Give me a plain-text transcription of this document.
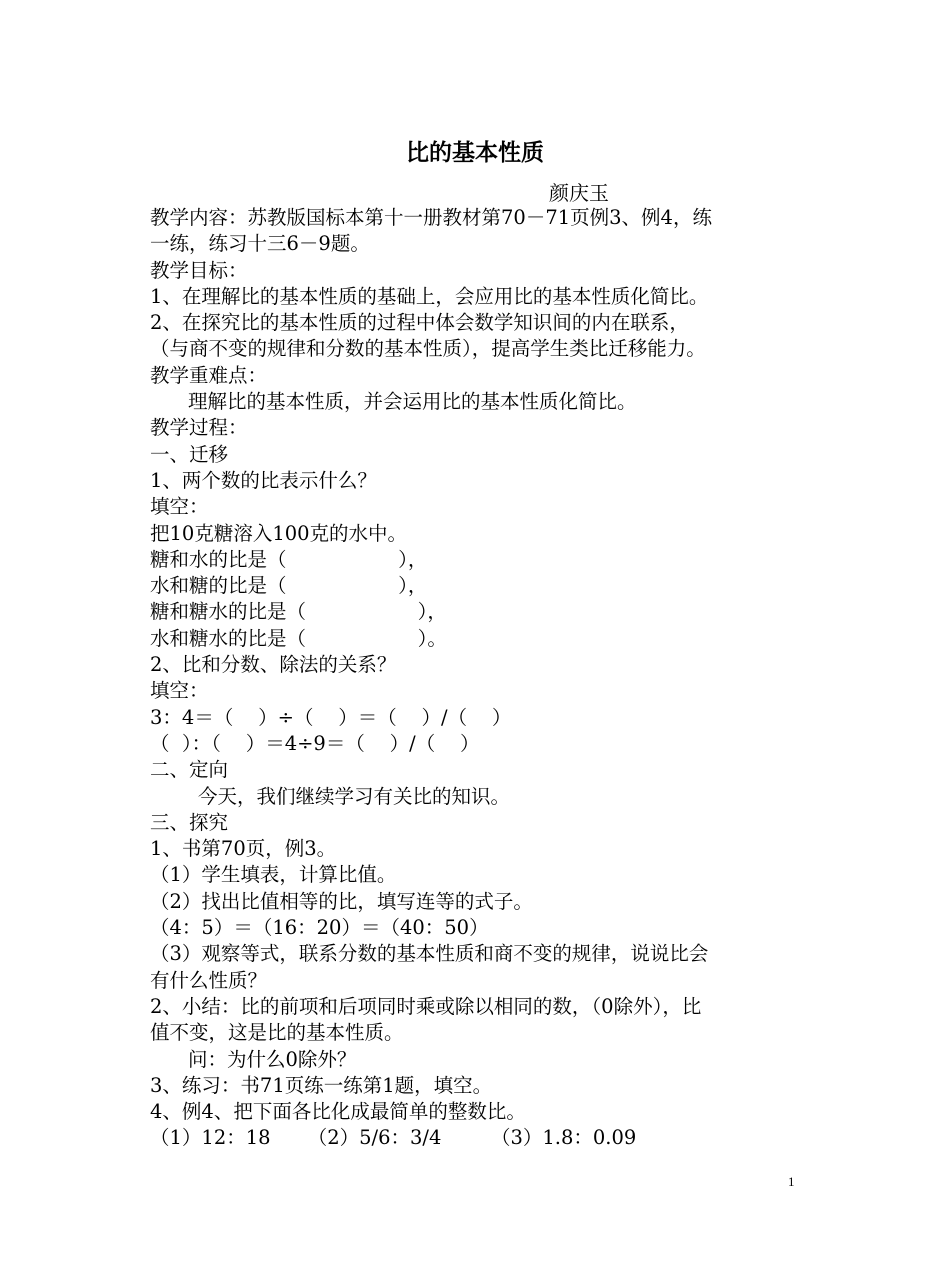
比的基本性质
颜庆玉
教学内容：苏教版国标本第十一册教材第70－71页例3、例4，练
一练，练习十三6－9题。
教学目标：
1、在理解比的基本性质的基础上，会应用比的基本性质化简比。
2、在探究比的基本性质的过程中体会数学知识间的内在联系，
（与商不变的规律和分数的基本性质），提高学生类比迁移能力。
教学重难点：
理解比的基本性质，并会运用比的基本性质化简比。
教学过程：
一、迁移
1、两个数的比表示什么？
填空：
把10克糖溶入100克的水中。
糖和水的比是（                  ），
水和糖的比是（                  ），
糖和糖水的比是（                  ），
水和糖水的比是（                  ）。
2、比和分数、除法的关系？
填空：
3：4＝（    ）÷（    ）＝（    ）/（    ）
（  ）：（    ）＝4÷9＝（    ）/（    ）
二、定向
今天，我们继续学习有关比的知识。
三、探究
1、书第70页，例3。
（1）学生填表，计算比值。
（2）找出比值相等的比，填写连等的式子。
（4：5）＝（16：20）＝（40：50）
（3）观察等式，联系分数的基本性质和商不变的规律，说说比会
有什么性质？
2、小结：比的前项和后项同时乘或除以相同的数，（0除外），比
值不变，这是比的基本性质。
问：为什么0除外？
3、练习：书71页练一练第1题，填空。
4、例4、把下面各比化成最简单的整数比。
（1）12：18      （2）5/6：3/4        （3）1.8：0.09
1
